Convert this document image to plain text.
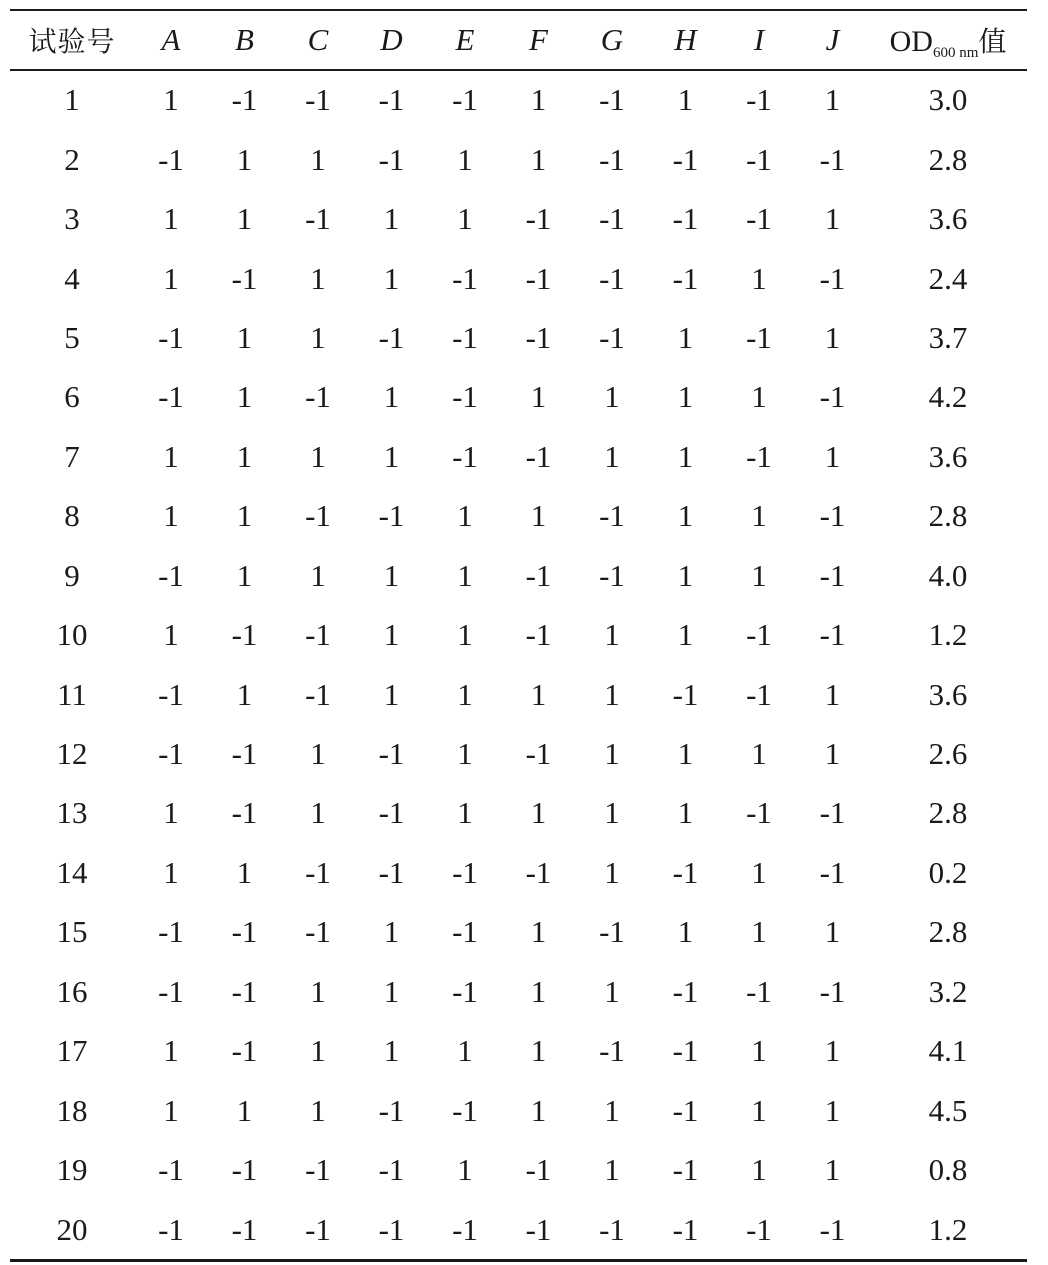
试验号	A	B	C	D	E	F	G	H	I	J	OD600 nm值

1	1	-1	-1	-1	-1	1	-1	1	-1	1	3.0
2	-1	1	1	-1	1	1	-1	-1	-1	-1	2.8
3	1	1	-1	1	1	-1	-1	-1	-1	1	3.6
4	1	-1	1	1	-1	-1	-1	-1	1	-1	2.4
5	-1	1	1	-1	-1	-1	-1	1	-1	1	3.7
6	-1	1	-1	1	-1	1	1	1	1	-1	4.2
7	1	1	1	1	-1	-1	1	1	-1	1	3.6
8	1	1	-1	-1	1	1	-1	1	1	-1	2.8
9	-1	1	1	1	1	-1	-1	1	1	-1	4.0
10	1	-1	-1	1	1	-1	1	1	-1	-1	1.2
11	-1	1	-1	1	1	1	1	-1	-1	1	3.6
12	-1	-1	1	-1	1	-1	1	1	1	1	2.6
13	1	-1	1	-1	1	1	1	1	-1	-1	2.8
14	1	1	-1	-1	-1	-1	1	-1	1	-1	0.2
15	-1	-1	-1	1	-1	1	-1	1	1	1	2.8
16	-1	-1	1	1	-1	1	1	-1	-1	-1	3.2
17	1	-1	1	1	1	1	-1	-1	1	1	4.1
18	1	1	1	-1	-1	1	1	-1	1	1	4.5
19	-1	-1	-1	-1	1	-1	1	-1	1	1	0.8
20	-1	-1	-1	-1	-1	-1	-1	-1	-1	-1	1.2
